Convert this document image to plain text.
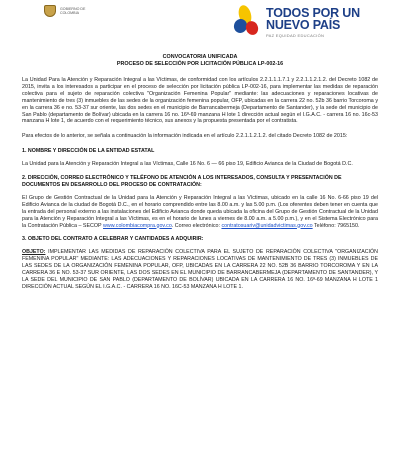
GOBIERNO DE COLOMBIA	TODOS POR UN
NUEVO PAÍS
PAZ EQUIDAD EDUCACIÓN
CONVOCATORIA UNIFICADA
PROCESO DE SELECCIÓN POR LICITACIÓN PÚBLICA LP-002-16

La Unidad Para la Atención y Reparación Integral a las Víctimas, de conformidad con los artículos 2.2.1.1.1.7.1 y 2.2.1.1.2.1.2. del Decreto 1082 de 2015, invita a los interesados a participar en el proceso de selección por licitación pública LP-002-16, para implementar las medidas de reparación colectiva para el sujeto de reparación colectiva "Organización Femenina Popular" mediante: las adecuaciones y reparaciones locativas de mantenimiento de tres (3) inmuebles de las sedes de la organización femenina popular, OFP, ubicadas en la carrera 22 no. 52b 36 barrio Torcoroma y en la carrera 36 e no. 53-37 sur oriente, las dos sedes en el municipio de Barrancabermeja (Departamento de Santander), y la sede del municipio de San Pablo (departamento de Bolívar) ubicada en la carrera 16 no. 16ª-69 manzana H lote 1 dirección actual según el I.G.A.C. - carrera 16 no. 16c-53 manzana H lote 1, de acuerdo con el requerimiento técnico, sus anexos y la propuesta presentada por el contratista.

Para efectos de lo anterior, se señala a continuación la información indicada en el artículo 2.2.1.1.2.1.2. del citado Decreto 1082 de 2015:

1. NOMBRE Y DIRECCIÓN DE LA ENTIDAD ESTATAL

La Unidad para la Atención y Reparación Integral a las Víctimas, Calle 16 No. 6 — 66 piso 19, Edificio Avianca de la Ciudad de Bogotá D.C.

2. DIRECCIÓN, CORREO ELECTRÓNICO Y TELÉFONO DE ATENCIÓN A LOS INTERESADOS, CONSULTA Y PRESENTACIÓN DE DOCUMENTOS EN DESARROLLO DEL PROCESO DE CONTRATACIÓN:

El Grupo de Gestión Contractual de la Unidad para la Atención y Reparación Integral a las Víctimas, ubicado en la calle 16 No. 6-66 piso 19 del Edificio Avianca de la ciudad de Bogotá D.C., en el horario comprendido entre las 8.00 a.m. y las 5.00 p.m. (Los oferentes deben tener en cuenta que la entrada del personal externo a las instalaciones del Edificio Avianca donde queda ubicada la oficina del Grupo de Gestión Contractual de la Unidad para la Atención y Reparación Integral a las Víctimas, es en el horario de lunes a viernes de 8.00 a.m. a 5.00 p.m.), y en el Sistema Electrónico para la Contratación Pública – SECOP www.colombiacompra.gov.co. Correo electrónico: contratosuariv@unidadvictimas.gov.co Teléfono: 7965150.

3. OBJETO DEL CONTRATO A CELEBRAR Y CANTIDADES A ADQUIRIR:

OBJETO: IMPLEMENTAR LAS MEDIDAS DE REPARACIÓN COLECTIVA PARA EL SUJETO DE REPARACIÓN COLECTIVA "ORGANIZACIÓN FEMENINA POPULAR" MEDIANTE: LAS ADECUACIONES Y REPARACIONES LOCATIVAS DE MANTENIMIENTO DE TRES (3) INMUEBLES DE LAS SEDES DE LA ORGANIZACIÓN FEMENINA POPULAR, OFP, UBICADAS EN LA CARRERA 22 NO. 52B 36 BARRIO TORCOROMA Y EN LA CARRERA 36 E NO. 53-37 SUR ORIENTE, LAS DOS SEDES EN EL MUNICIPIO DE BARRANCABERMEJA (DEPARTAMENTO DE SANTANDER), Y LA SEDE DEL MUNICIPIO DE SAN PABLO (DEPARTAMENTO DE BOLÍVAR) UBICADA EN LA CARRERA 16 NO. 16ª-69 MANZANA H LOTE 1 DIRECCIÓN ACTUAL SEGÚN EL I.G.A.C. - CARRERA 16 NO. 16C-53 MANZANA H LOTE 1.
